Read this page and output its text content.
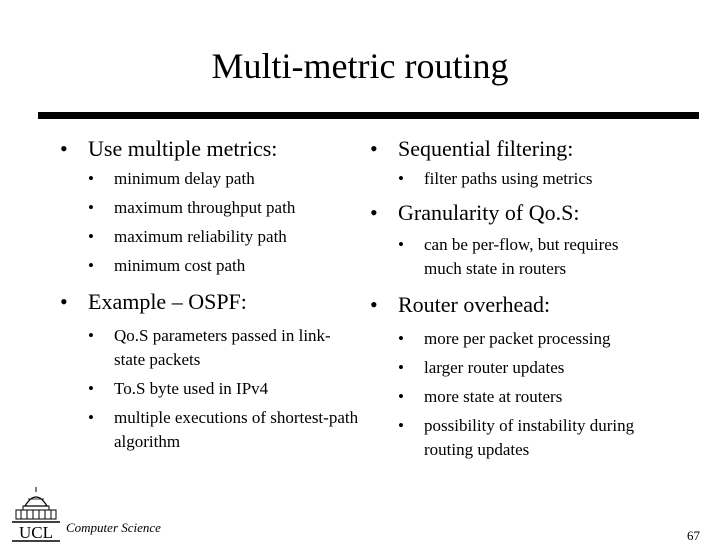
Multi-metric routing

• Use multiple metrics:

• minimum delay path

• maximum throughput path

• maximum reliability path

• minimum cost path

• Example – OSPF:

• Qo.S parameters passed in link-state packets

• To.S byte used in IPv4

• multiple executions of shortest-path algorithm

• Sequential filtering:

• filter paths using metrics

• Granularity of Qo.S:

• can be per-flow, but requires much state in routers

• Router overhead:

• more per packet processing

• larger router updates

• more state at routers

• possibility of instability during routing updates

UCL Computer Science
67
